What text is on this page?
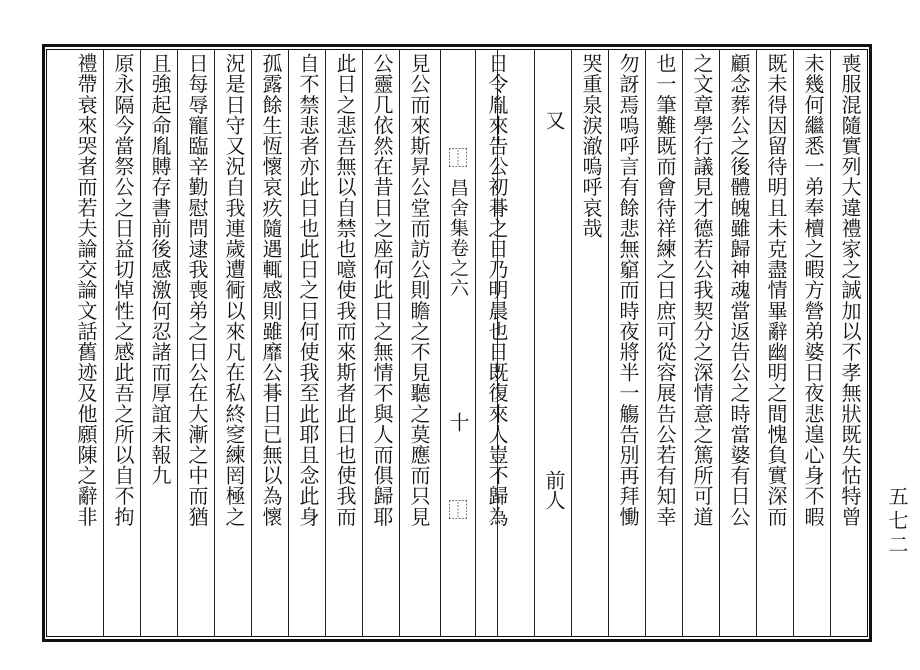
喪服混隨實列大違禮家之誠加以不孝無狀既失怙特曾
未幾何繼悉一弟奉櫝之暇方營弟婆日夜悲遑心身不暇
既未得因留待明且未克盡情畢辭幽明之間愧負實深而
顧念葬公之後體魄雖歸神魂當返告公之時當婆有日公
之文章學行議見才德若公我契分之深情意之篤所可道
也一筆難既而會待祥練之日庶可從容展告公若有知幸
勿訝焉嗚呼言有餘悲無竆而時夜將半一觴告別再拜慟
哭重泉淚澈嗚呼哀哉
又
前人
日令胤來告公初朞之日乃明晨也日既復來人豈不歸為
⿰
昌舍集卷之六
十
⿰
見公而來斯昇公堂而訪公則瞻之不見聽之莫應而只見
公靈几依然在昔日之座何此日之無情不與人而俱歸耶
此日之悲吾無以自禁也噫使我而來斯者此日也使我而
自不禁悲者亦此日也此日之日何使我至此耶且念此身
孤露餘生恆懷哀疚隨遇輒感則雖靡公朞日已無以為懷
況是日守又況自我連歲遭衕以來凡在私終窆練罔極之
日每辱寵臨辛勤慰問逮我喪弟之日公在大漸之中而猶
且強起命胤賻存書前後感激何忍諸而厚誼未報九
原永隔今當祭公之日益切悼性之感此吾之所以自不拘
禮帶衰來哭者而若夫論交論文話舊迹及他願陳之辭非	五七二
